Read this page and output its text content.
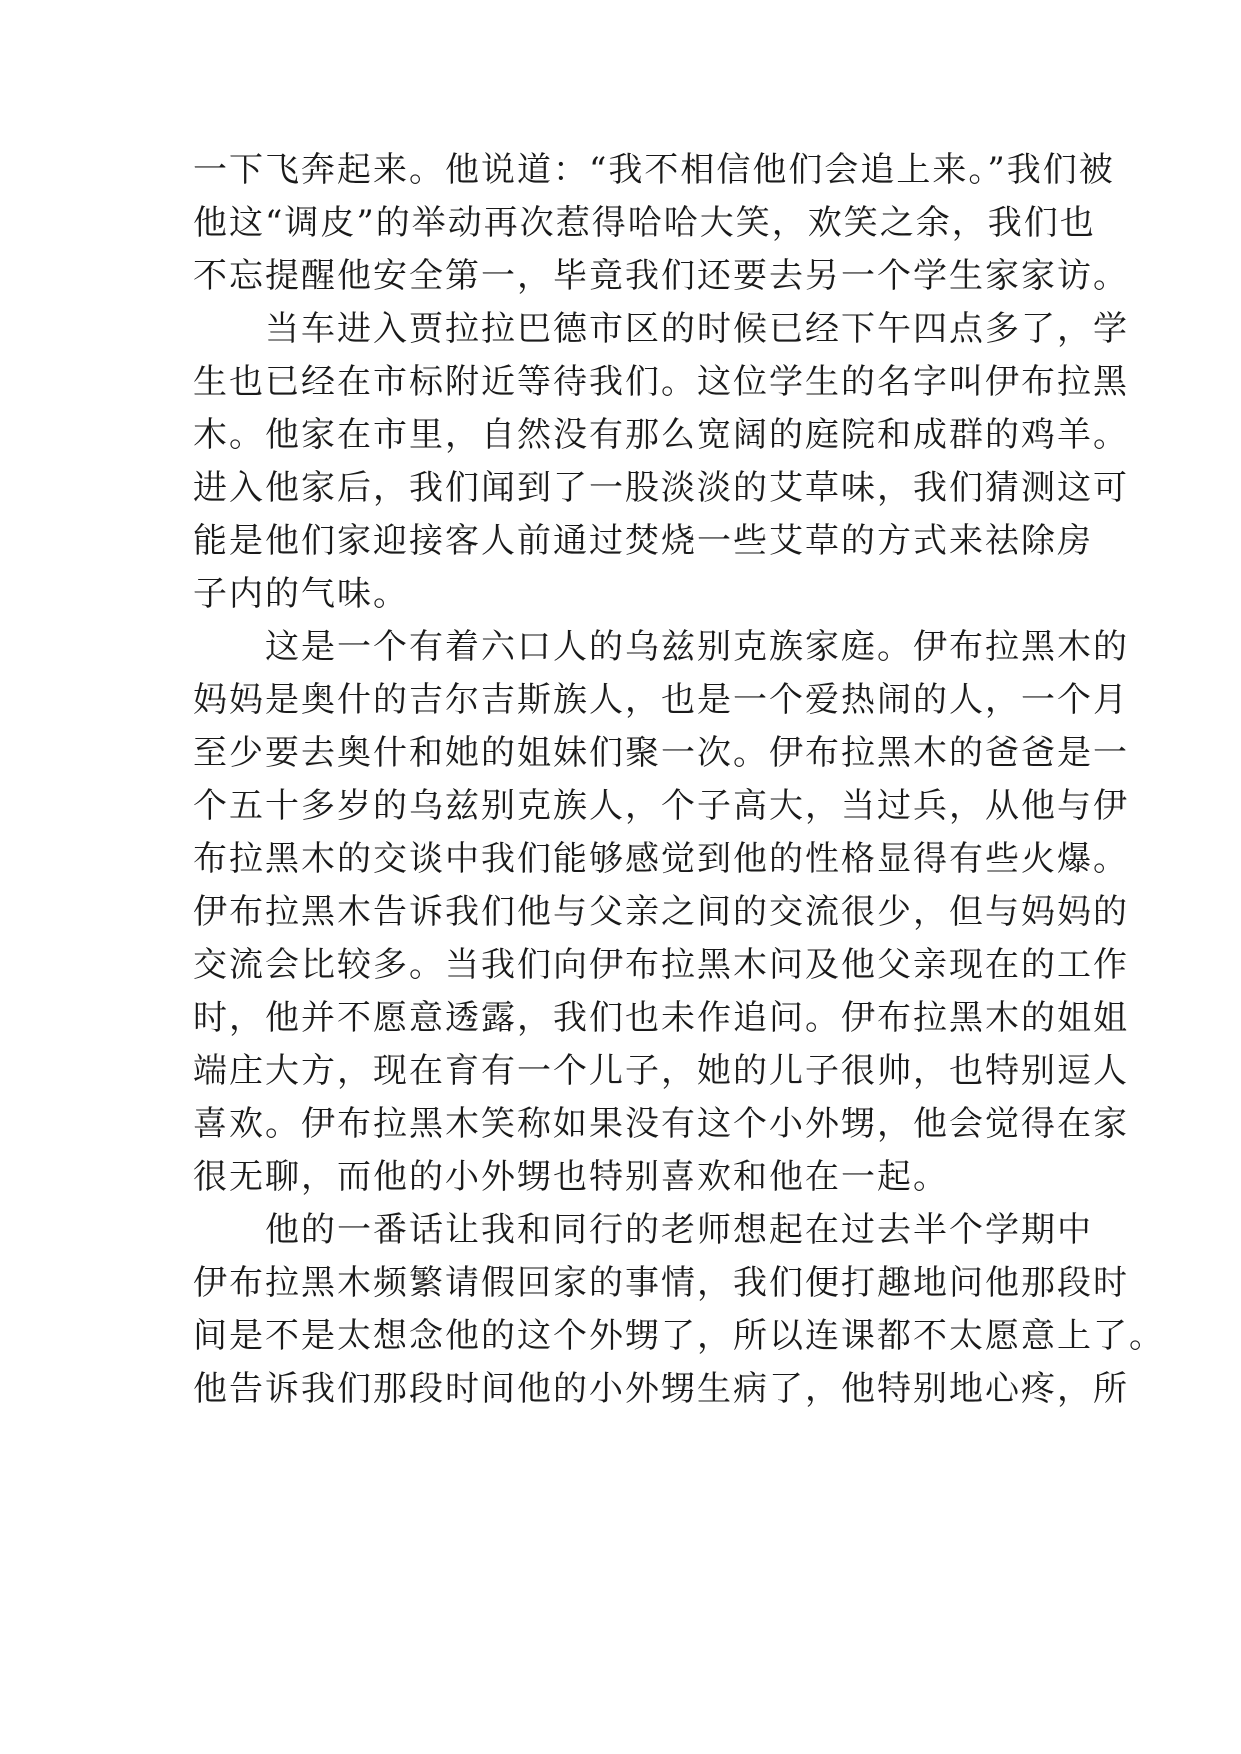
一下飞奔起来。他说道：“我不相信他们会追上来。”我们被
他这“调皮”的举动再次惹得哈哈大笑，欢笑之余，我们也
不忘提醒他安全第一，毕竟我们还要去另一个学生家家访。
　　当车进入贾拉拉巴德市区的时候已经下午四点多了，学
生也已经在市标附近等待我们。这位学生的名字叫伊布拉黑
木。他家在市里，自然没有那么宽阔的庭院和成群的鸡羊。
进入他家后，我们闻到了一股淡淡的艾草味，我们猜测这可
能是他们家迎接客人前通过焚烧一些艾草的方式来祛除房
子内的气味。
　　这是一个有着六口人的乌兹别克族家庭。伊布拉黑木的
妈妈是奥什的吉尔吉斯族人，也是一个爱热闹的人，一个月
至少要去奥什和她的姐妹们聚一次。伊布拉黑木的爸爸是一
个五十多岁的乌兹别克族人，个子高大，当过兵，从他与伊
布拉黑木的交谈中我们能够感觉到他的性格显得有些火爆。
伊布拉黑木告诉我们他与父亲之间的交流很少，但与妈妈的
交流会比较多。当我们向伊布拉黑木问及他父亲现在的工作
时，他并不愿意透露，我们也未作追问。伊布拉黑木的姐姐
端庄大方，现在育有一个儿子，她的儿子很帅，也特别逗人
喜欢。伊布拉黑木笑称如果没有这个小外甥，他会觉得在家
很无聊，而他的小外甥也特别喜欢和他在一起。
　　他的一番话让我和同行的老师想起在过去半个学期中
伊布拉黑木频繁请假回家的事情，我们便打趣地问他那段时
间是不是太想念他的这个外甥了，所以连课都不太愿意上了。
他告诉我们那段时间他的小外甥生病了，他特别地心疼，所
